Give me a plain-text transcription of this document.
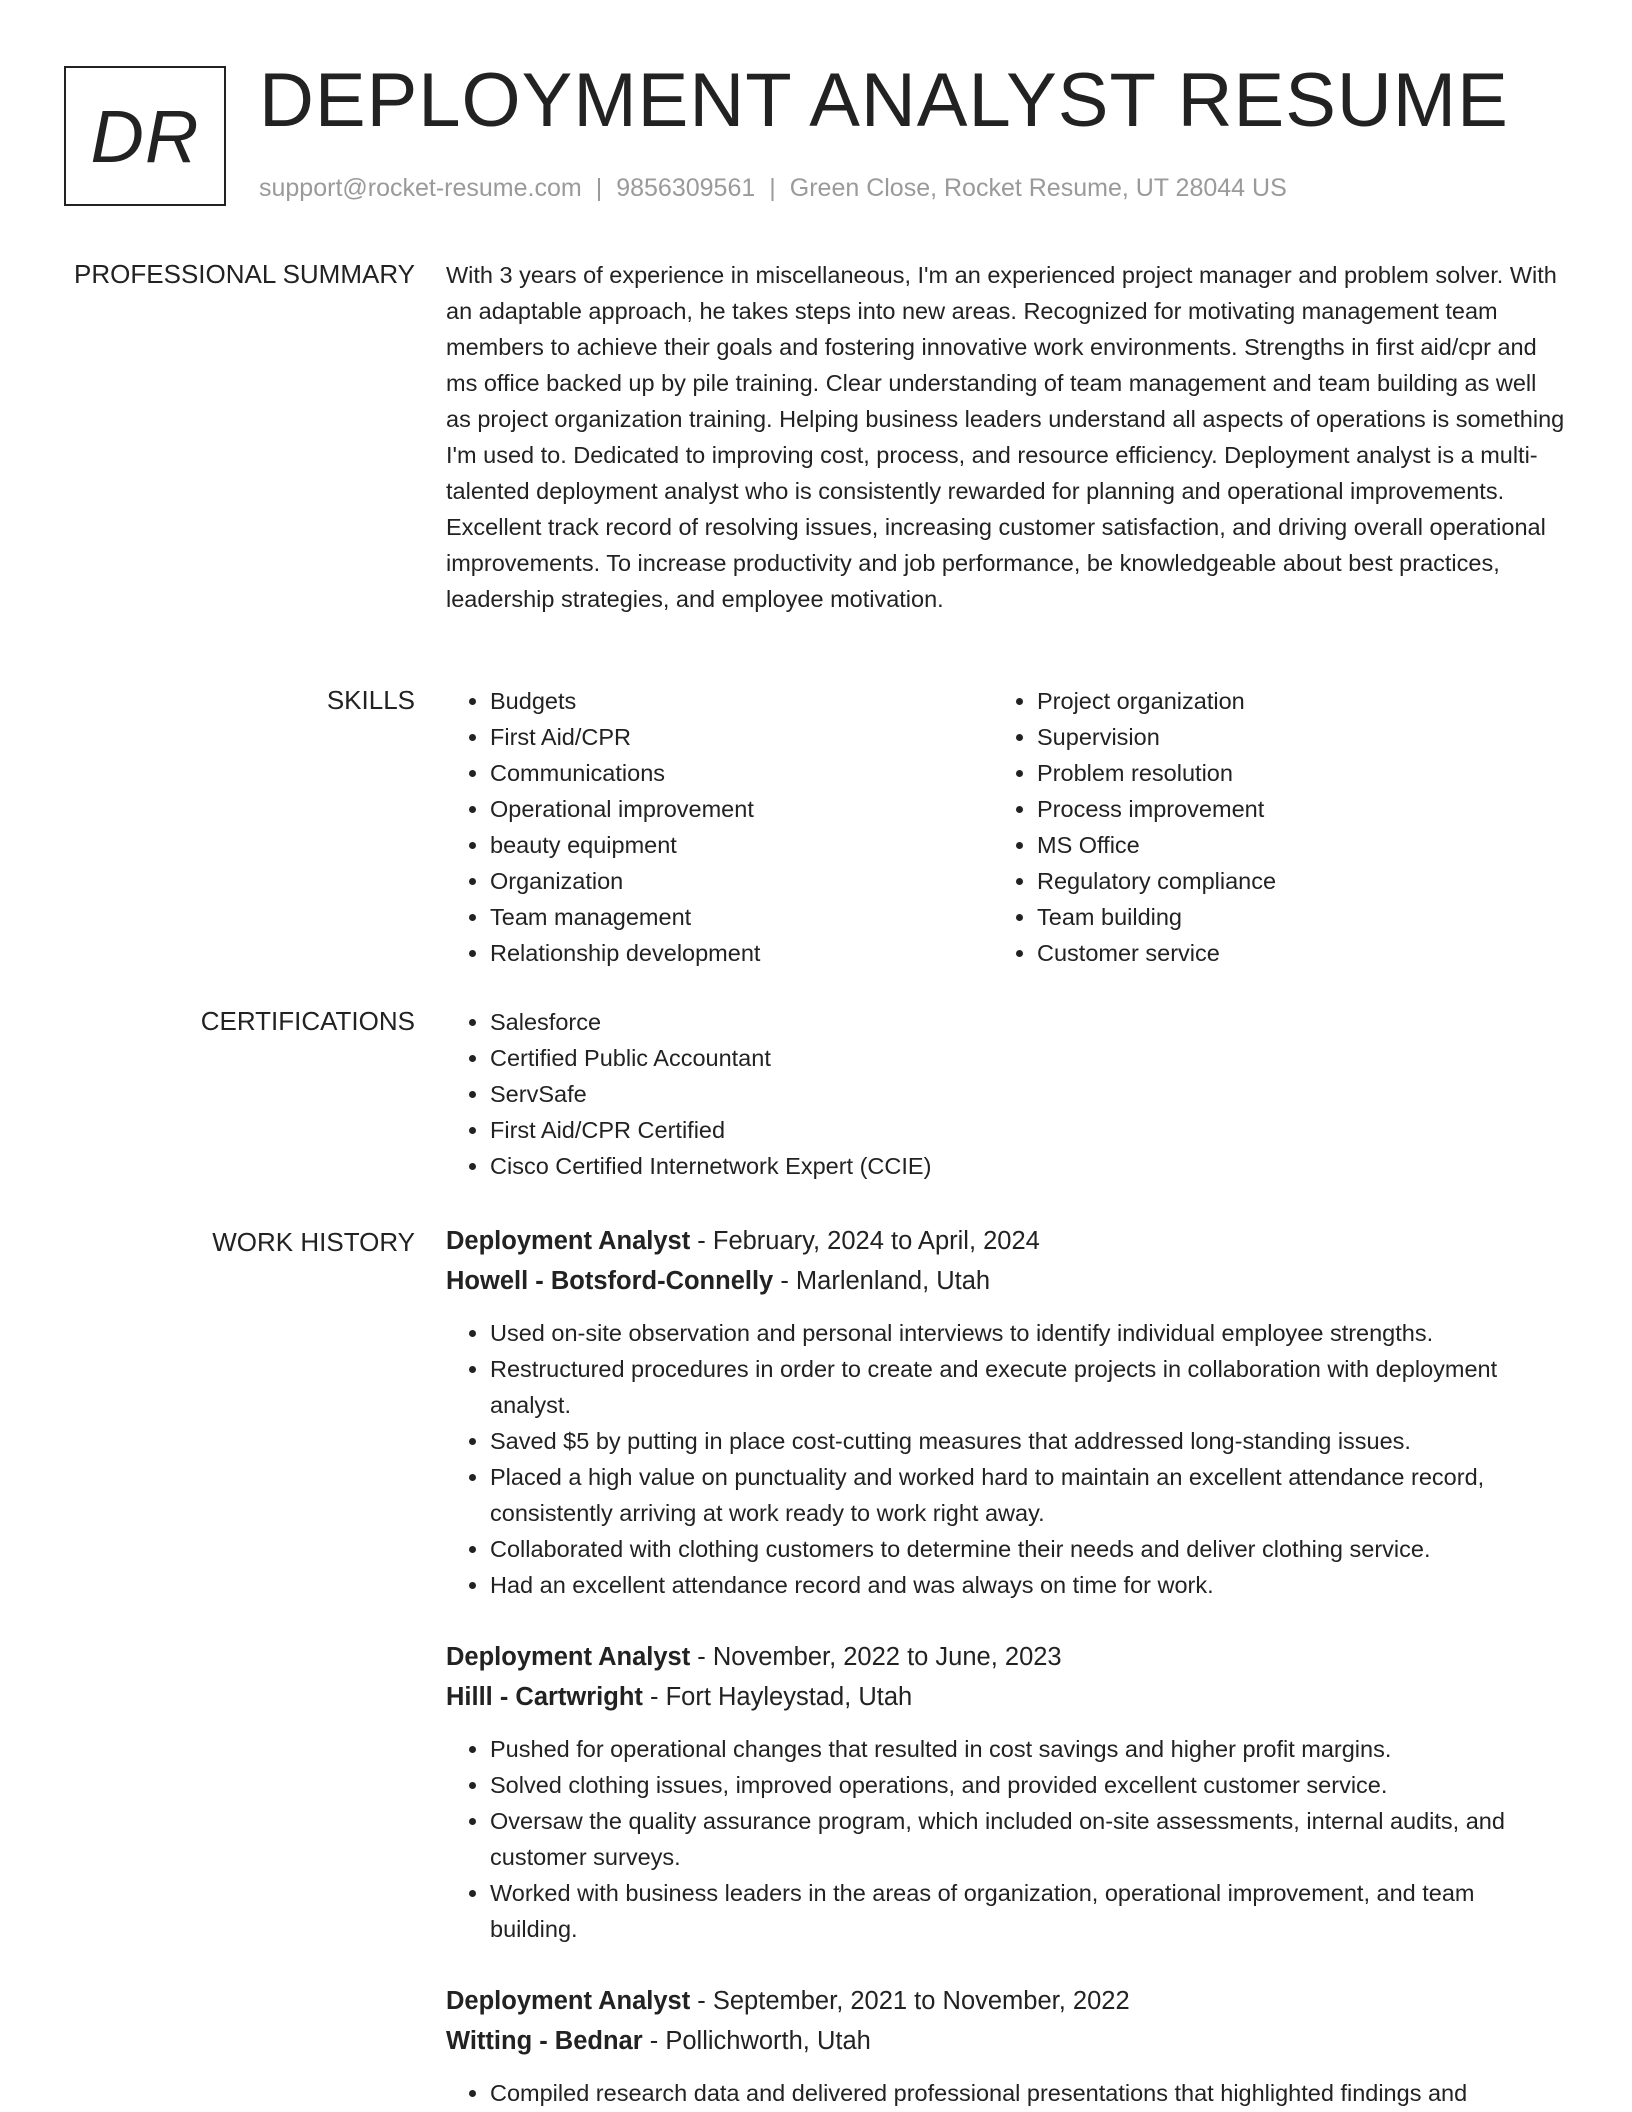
DR DEPLOYMENT ANALYST RESUME
support@rocket-resume.com | 9856309561 | Green Close, Rocket Resume, UT 28044 US
PROFESSIONAL SUMMARY With 3 years of experience in miscellaneous, I'm an experienced project manager and problem solver. With an adaptable approach, he takes steps into new areas. Recognized for motivating management team members to achieve their goals and fostering innovative work environments. Strengths in first aid/cpr and ms office backed up by pile training. Clear understanding of team management and team building as well as project organization training. Helping business leaders understand all aspects of operations is something I'm used to. Dedicated to improving cost, process, and resource efficiency. Deployment analyst is a multi-talented deployment analyst who is consistently rewarded for planning and operational improvements. Excellent track record of resolving issues, increasing customer satisfaction, and driving overall operational improvements. To increase productivity and job performance, be knowledgeable about best practices, leadership strategies, and employee motivation.

SKILLS	• Budgets
• First Aid/CPR
• Communications
• Operational improvement
• beauty equipment
• Organization
• Team management
• Relationship development
• Project organization
• Supervision
• Problem resolution
• Process improvement
• MS Office
• Regulatory compliance
• Team building
• Customer service
CERTIFICATIONS	• Salesforce
• Certified Public Accountant
• ServSafe
• First Aid/CPR Certified
• Cisco Certified Internetwork Expert (CCIE)
WORK HISTORY Deployment Analyst - February, 2024 to April, 2024
Howell - Botsford-Connelly - Marlenland, Utah
• Used on-site observation and personal interviews to identify individual employee strengths.
• Restructured procedures in order to create and execute projects in collaboration with deployment analyst.
• Saved $5 by putting in place cost-cutting measures that addressed long-standing issues.
• Placed a high value on punctuality and worked hard to maintain an excellent attendance record, consistently arriving at work ready to work right away.
• Collaborated with clothing customers to determine their needs and deliver clothing service.
• Had an excellent attendance record and was always on time for work.
Deployment Analyst - November, 2022 to June, 2023
Hilll - Cartwright - Fort Hayleystad, Utah
• Pushed for operational changes that resulted in cost savings and higher profit margins.
• Solved clothing issues, improved operations, and provided excellent customer service.
• Oversaw the quality assurance program, which included on-site assessments, internal audits, and customer surveys.
• Worked with business leaders in the areas of organization, operational improvement, and team building.
Deployment Analyst - September, 2021 to November, 2022
Witting - Bednar - Pollichworth, Utah
• Compiled research data and delivered professional presentations that highlighted findings and
